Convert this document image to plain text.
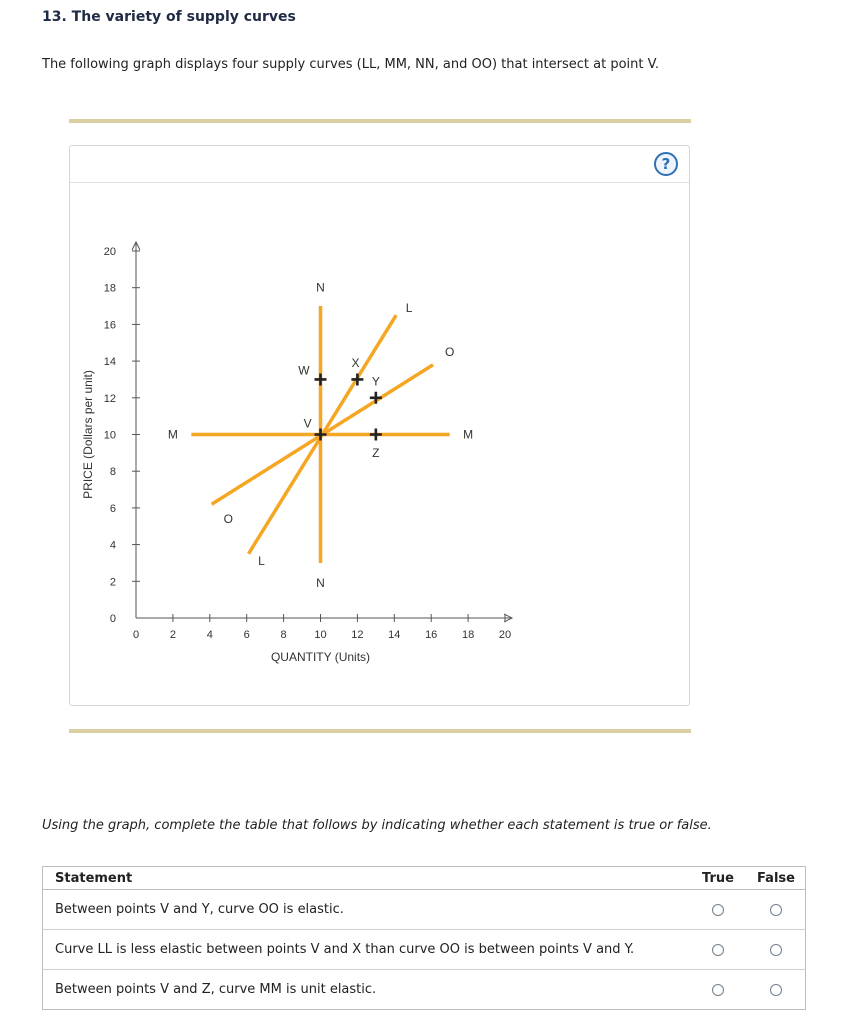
13. The variety of supply curves
The following graph displays four supply curves (LL, MM, NN, and OO) that intersect at point V.
?
0	2	4	6	8	10 12 14 16 18 20
0
2
4
6
8
10
12
14
16
18
20
L
L
M	M
N
N
O
O
V
W
X
Y
Z
QUANTITY (Units)
PRICE (Dollars per unit)
Using the graph, complete the table that follows by indicating whether each statement is true or false.
Statement	True	False
Between points V and Y, curve OO is elastic.		
Curve LL is less elastic between points V and X than curve OO is between points V and Y.		
Between points V and Z, curve MM is unit elastic.		
